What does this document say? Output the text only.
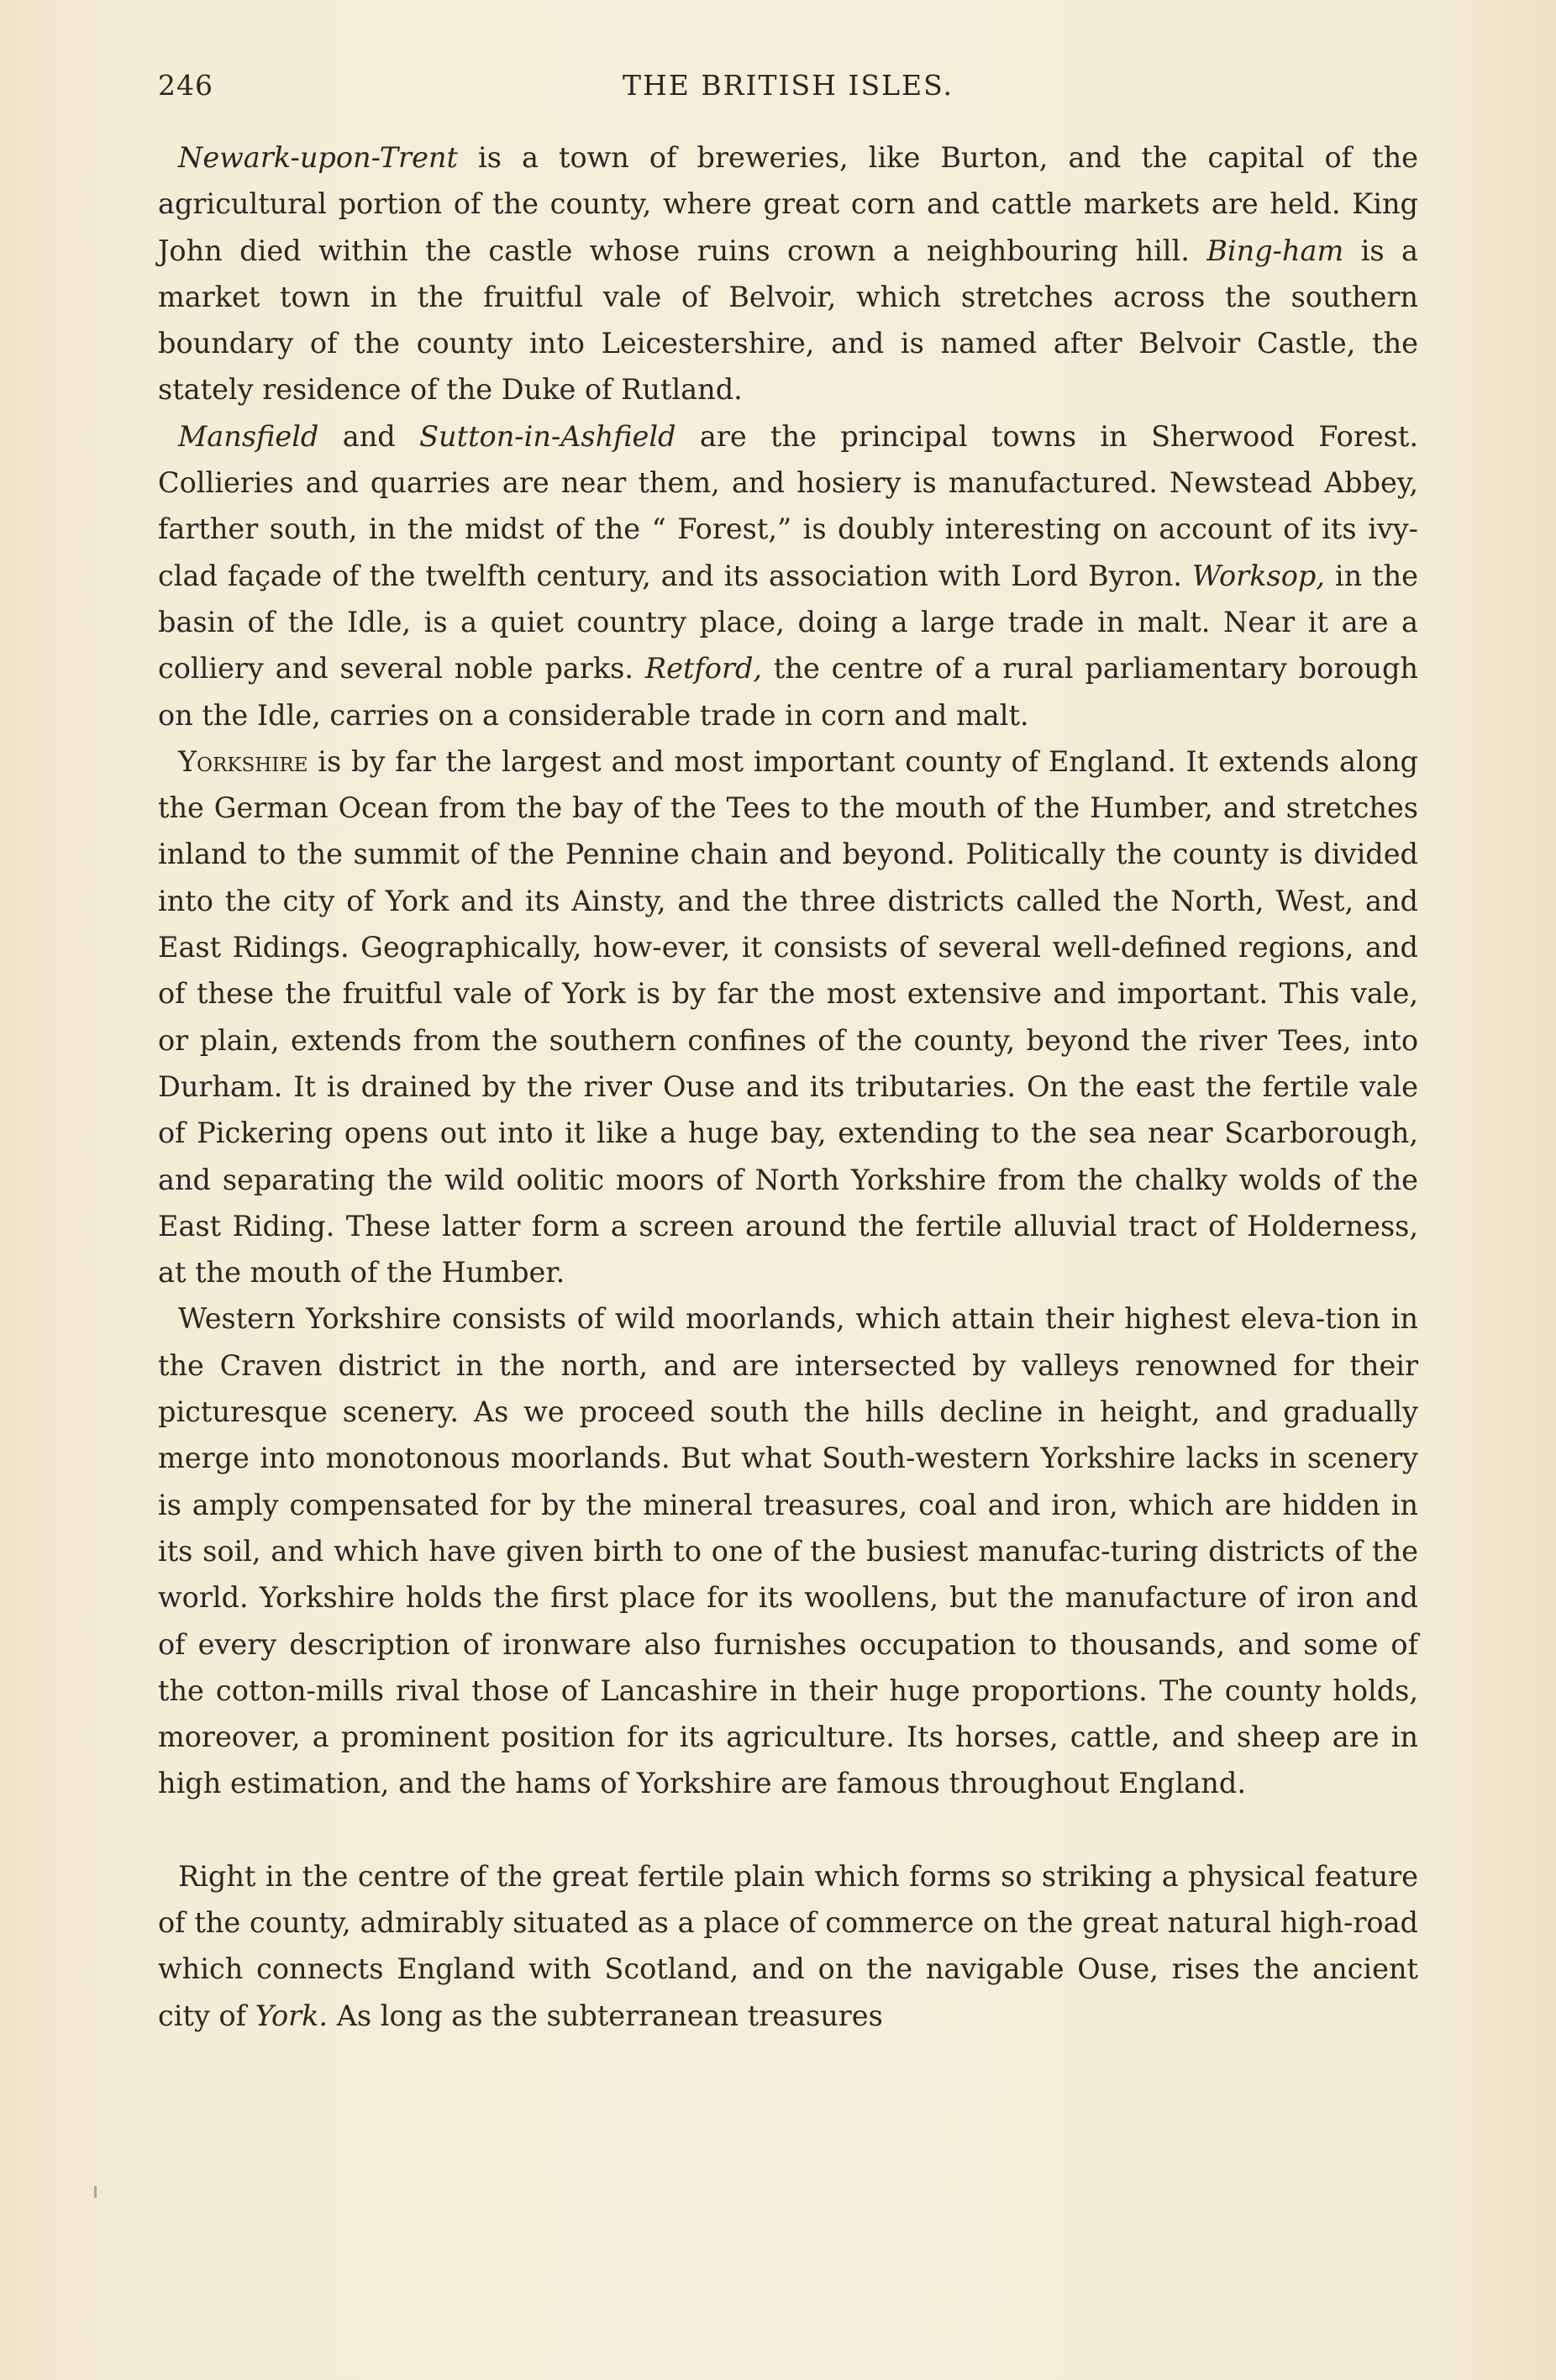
246	THE BRITISH ISLES.

Newark-upon-Trent is a town of breweries, like Burton, and the capital of the agricultural portion of the county, where great corn and cattle markets are held. King John died within the castle whose ruins crown a neighbouring hill. Bing-ham is a market town in the fruitful vale of Belvoir, which stretches across the southern boundary of the county into Leicestershire, and is named after Belvoir Castle, the stately residence of the Duke of Rutland.

Mansfield and Sutton-in-Ashfield are the principal towns in Sherwood Forest. Collieries and quarries are near them, and hosiery is manufactured. Newstead Abbey, farther south, in the midst of the “ Forest,” is doubly interesting on account of its ivy-clad façade of the twelfth century, and its association with Lord Byron. Worksop, in the basin of the Idle, is a quiet country place, doing a large trade in malt. Near it are a colliery and several noble parks. Retford, the centre of a rural parliamentary borough on the Idle, carries on a considerable trade in corn and malt.

Yorkshire is by far the largest and most important county of England. It extends along the German Ocean from the bay of the Tees to the mouth of the Humber, and stretches inland to the summit of the Pennine chain and beyond. Politically the county is divided into the city of York and its Ainsty, and the three districts called the North, West, and East Ridings. Geographically, how-ever, it consists of several well-defined regions, and of these the fruitful vale of York is by far the most extensive and important. This vale, or plain, extends from the southern confines of the county, beyond the river Tees, into Durham. It is drained by the river Ouse and its tributaries. On the east the fertile vale of Pickering opens out into it like a huge bay, extending to the sea near Scarborough, and separating the wild oolitic moors of North Yorkshire from the chalky wolds of the East Riding. These latter form a screen around the fertile alluvial tract of Holderness, at the mouth of the Humber.

Western Yorkshire consists of wild moorlands, which attain their highest eleva-tion in the Craven district in the north, and are intersected by valleys renowned for their picturesque scenery. As we proceed south the hills decline in height, and gradually merge into monotonous moorlands. But what South-western Yorkshire lacks in scenery is amply compensated for by the mineral treasures, coal and iron, which are hidden in its soil, and which have given birth to one of the busiest manufac-turing districts of the world. Yorkshire holds the first place for its woollens, but the manufacture of iron and of every description of ironware also furnishes occupation to thousands, and some of the cotton-mills rival those of Lancashire in their huge proportions. The county holds, moreover, a prominent position for its agriculture. Its horses, cattle, and sheep are in high estimation, and the hams of Yorkshire are famous throughout England.

Right in the centre of the great fertile plain which forms so striking a physical feature of the county, admirably situated as a place of commerce on the great natural high-road which connects England with Scotland, and on the navigable Ouse, rises the ancient city of York. As long as the subterranean treasures
